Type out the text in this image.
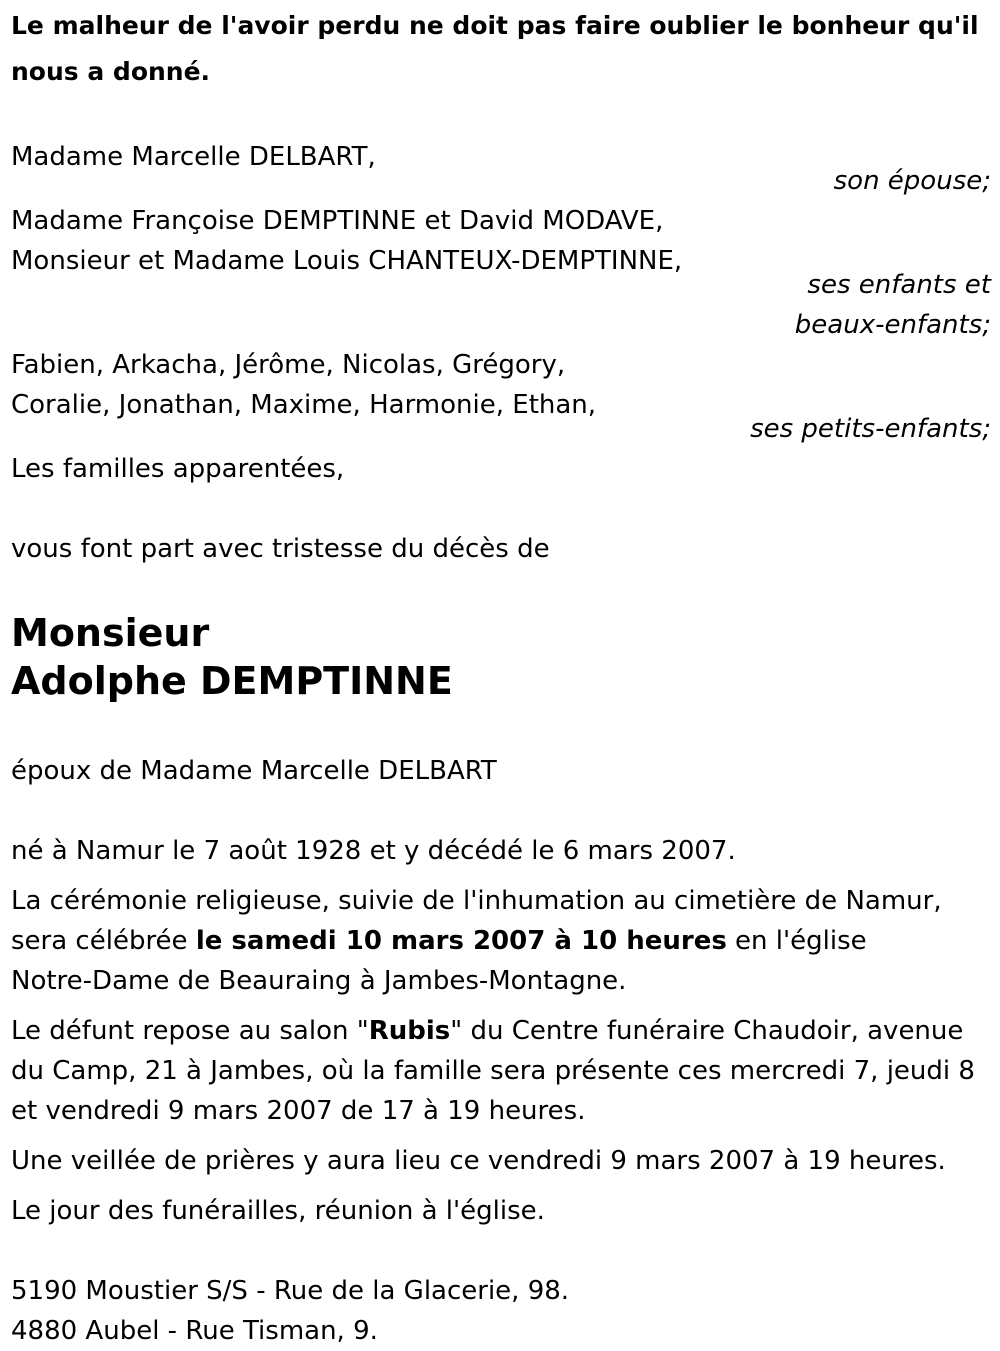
Le malheur de l'avoir perdu ne doit pas faire oublier le bonheur qu'il
nous a donné.
Madame Marcelle DELBART,
son épouse;
Madame Françoise DEMPTINNE et David MODAVE,
Monsieur et Madame Louis CHANTEUX-DEMPTINNE,
ses enfants et
beaux-enfants;
Fabien, Arkacha, Jérôme, Nicolas, Grégory,
Coralie, Jonathan, Maxime, Harmonie, Ethan,
ses petits-enfants;
Les familles apparentées,
vous font part avec tristesse du décès de
Monsieur
Adolphe DEMPTINNE
époux de Madame Marcelle DELBART
né à Namur le 7 août 1928 et y décédé le 6 mars 2007.
La cérémonie religieuse, suivie de l'inhumation au cimetière de Namur,
sera célébrée le samedi 10 mars 2007 à 10 heures en l'église
Notre-Dame de Beauraing à Jambes-Montagne.
Le défunt repose au salon "Rubis" du Centre funéraire Chaudoir, avenue
du Camp, 21 à Jambes, où la famille sera présente ces mercredi 7, jeudi 8
et vendredi 9 mars 2007 de 17 à 19 heures.
Une veillée de prières y aura lieu ce vendredi 9 mars 2007 à 19 heures.
Le jour des funérailles, réunion à l'église.
5190 Moustier S/S - Rue de la Glacerie, 98.
4880 Aubel - Rue Tisman, 9.
